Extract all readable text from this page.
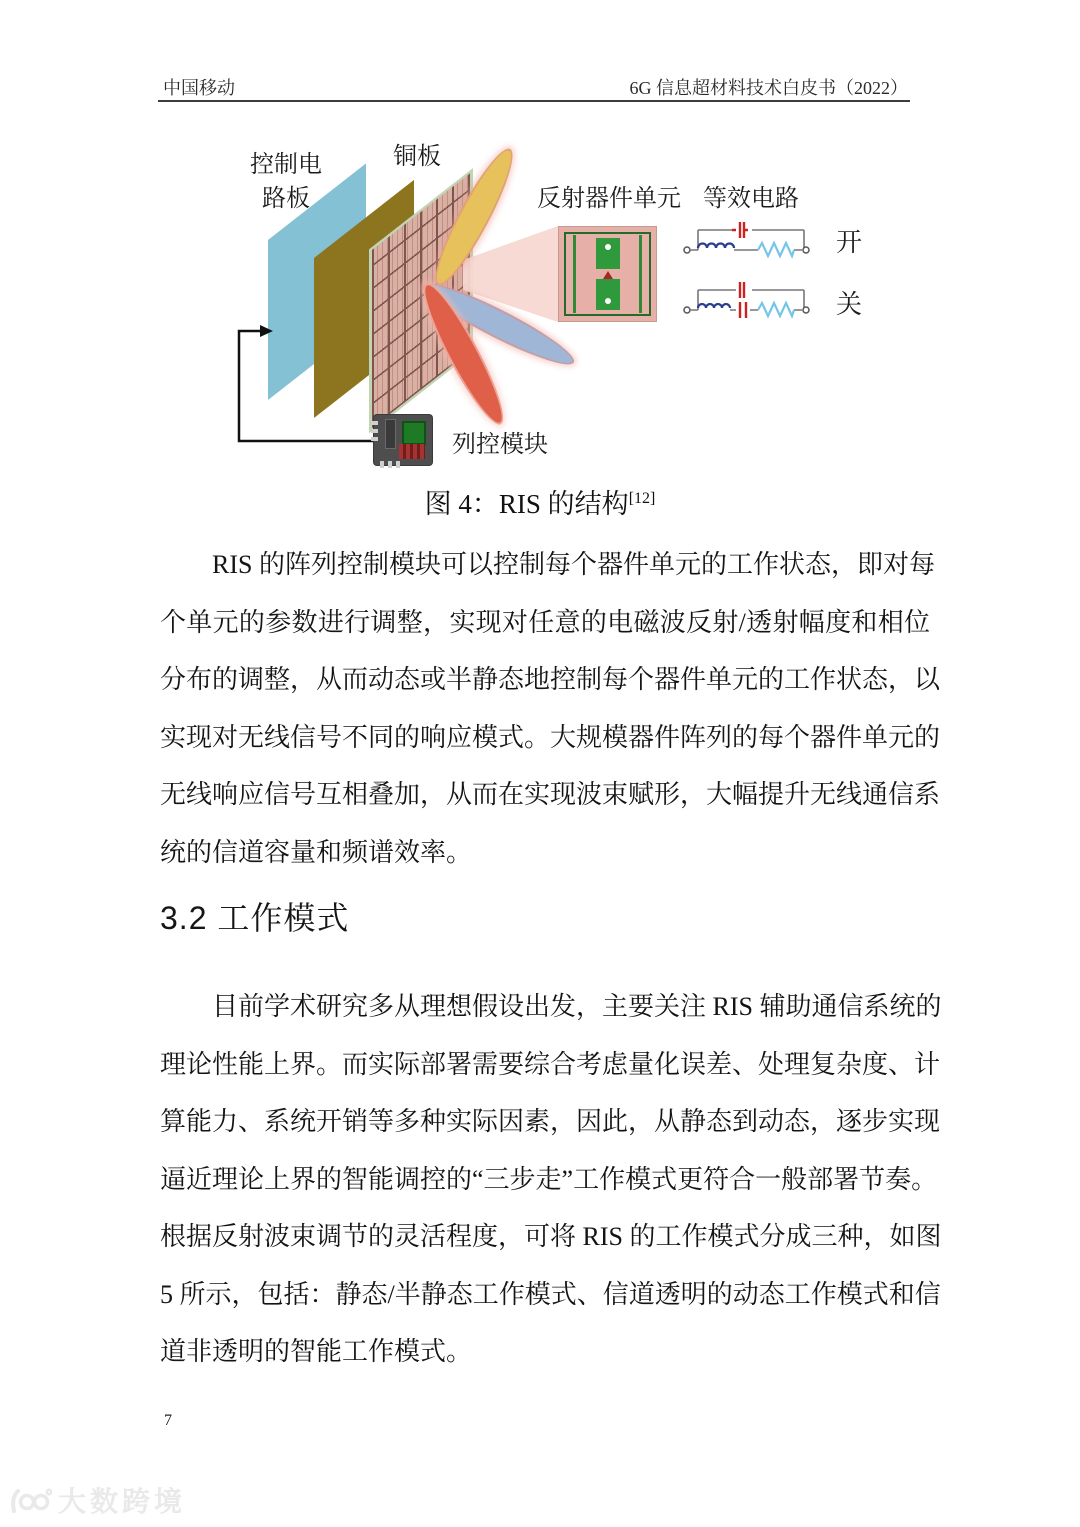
中国移动	6G 信息超材料技术白皮书（2022）
控制电
路板
铜板
反射器件单元 等效电路
开
关
列控模块
图 4：RIS 的结构[12]
RIS 的阵列控制模块可以控制每个器件单元的工作状态，即对每
个单元的参数进行调整，实现对任意的电磁波反射/透射幅度和相位
分布的调整，从而动态或半静态地控制每个器件单元的工作状态，以
实现对无线信号不同的响应模式。大规模器件阵列的每个器件单元的
无线响应信号互相叠加，从而在实现波束赋形，大幅提升无线通信系
统的信道容量和频谱效率。
3.2 工作模式
目前学术研究多从理想假设出发，主要关注 RIS 辅助通信系统的
理论性能上界。而实际部署需要综合考虑量化误差、处理复杂度、计
算能力、系统开销等多种实际因素，因此，从静态到动态，逐步实现
逼近理论上界的智能调控的“三步走”工作模式更符合一般部署节奏。
根据反射波束调节的灵活程度，可将 RIS 的工作模式分成三种，如图
5 所示，包括：静态/半静态工作模式、信道透明的动态工作模式和信
道非透明的智能工作模式。
7
大数跨境
